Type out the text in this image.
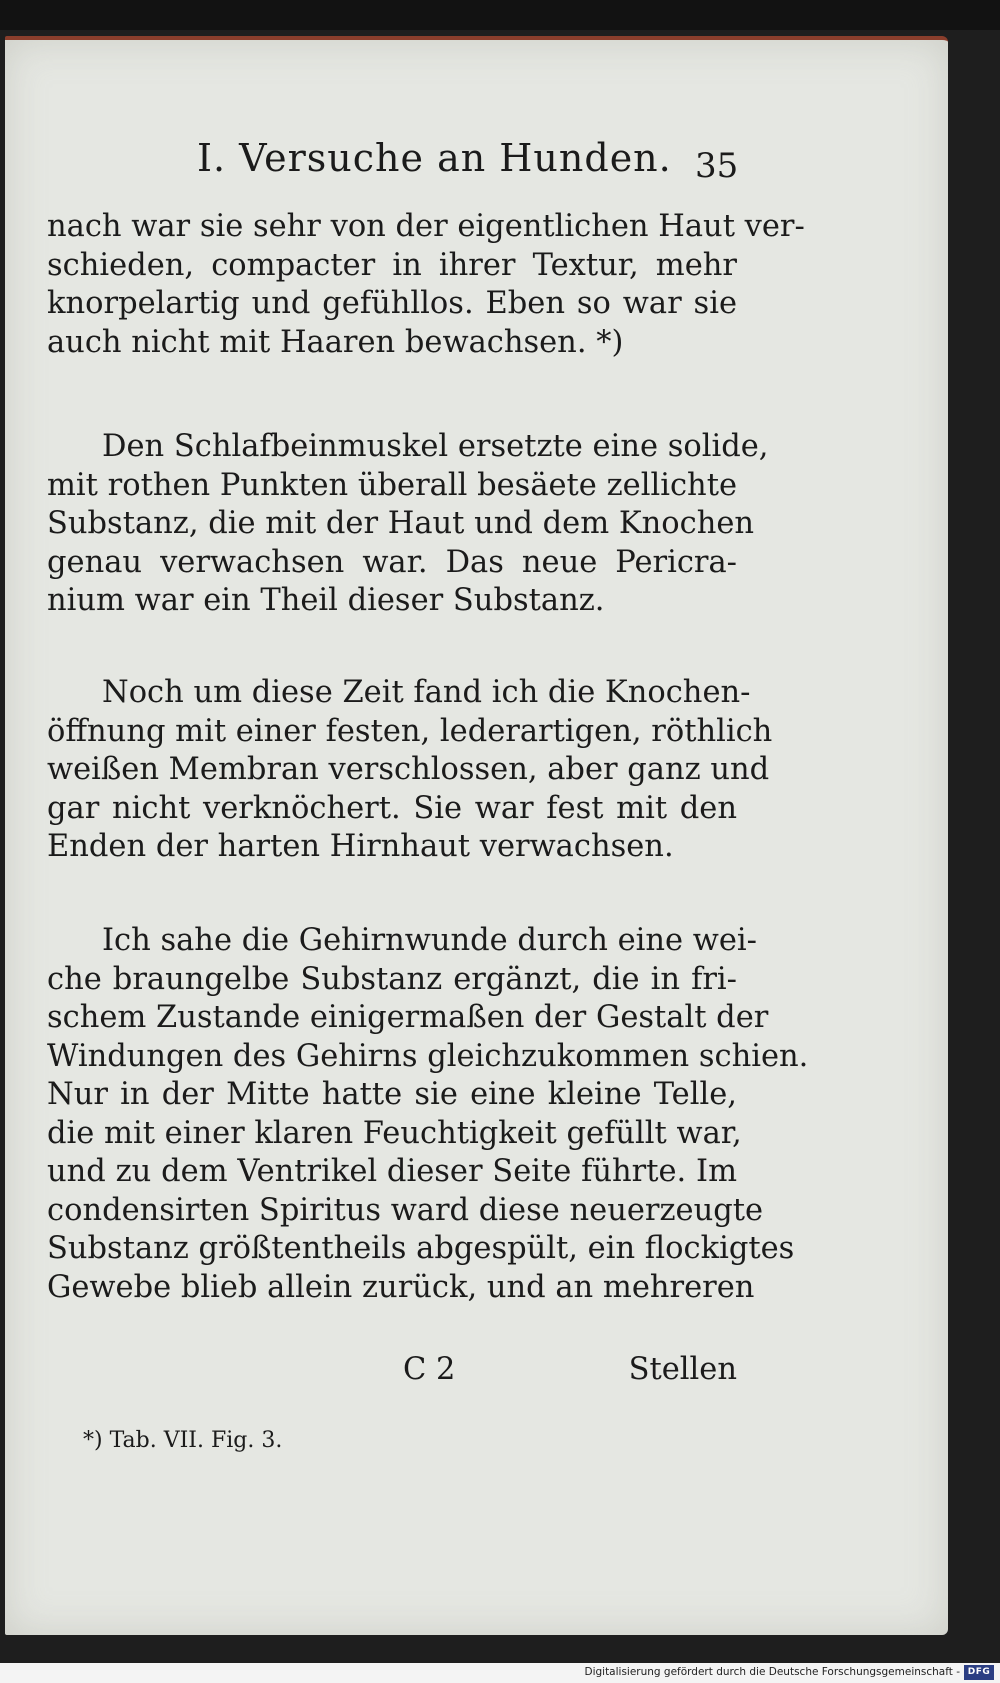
I. Versuche an Hunden. 35
nach war sie sehr von der eigentlichen Haut ver-
schieden, compacter in ihrer Textur, mehr
knorpelartig und gefühllos. Eben so war sie
auch nicht mit Haaren bewachsen. *)
Den Schlafbeinmuskel ersetzte eine solide,
mit rothen Punkten überall besäete zellichte
Substanz, die mit der Haut und dem Knochen
genau verwachsen war. Das neue Pericra-
nium war ein Theil dieser Substanz.
Noch um diese Zeit fand ich die Knochen-
öffnung mit einer festen, lederartigen, röthlich
weißen Membran verschlossen, aber ganz und
gar nicht verknöchert. Sie war fest mit den
Enden der harten Hirnhaut verwachsen.
Ich sahe die Gehirnwunde durch eine wei-
che braungelbe Substanz ergänzt, die in fri-
schem Zustande einigermaßen der Gestalt der
Windungen des Gehirns gleichzukommen schien.
Nur in der Mitte hatte sie eine kleine Telle,
die mit einer klaren Feuchtigkeit gefüllt war,
und zu dem Ventrikel dieser Seite führte. Im
condensirten Spiritus ward diese neuerzeugte
Substanz größtentheils abgespült, ein flockigtes
Gewebe blieb allein zurück, und an mehreren
C 2	Stellen
*) Tab. VII. Fig. 3.
Digitalisierung gefördert durch die Deutsche Forschungsgemeinschaft - DFG
